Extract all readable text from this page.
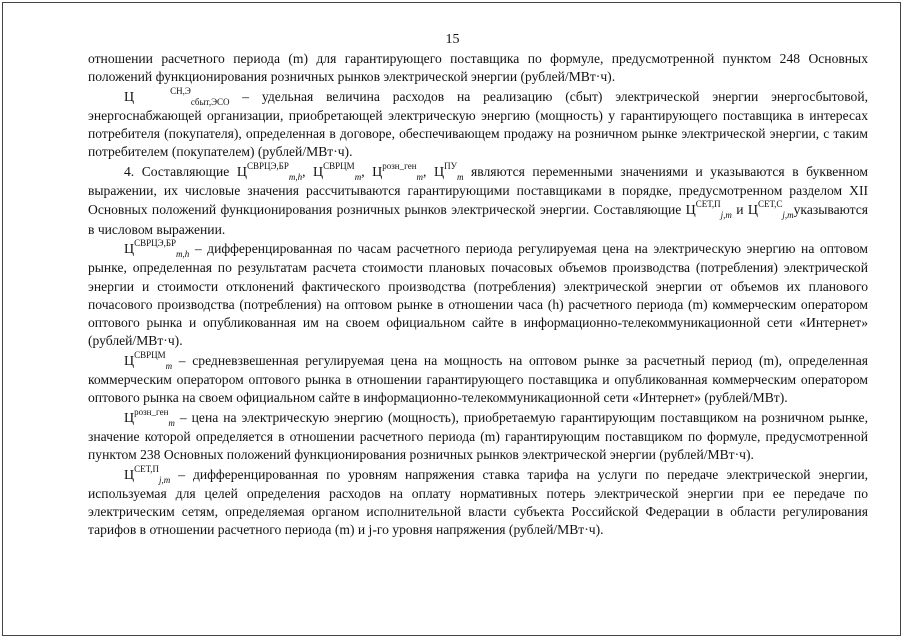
15

отношении расчетного периода (m) для гарантирующего поставщика по формуле, предусмотренной пунктом 248 Основных положений функционирования розничных рынков электрической энергии (рублей/МВт·ч).

Ц	$^{СН,Э}_{сбыт,ЭСО}$ – удельная величина расходов на реализацию (сбыт) электрической энергии энергосбытовой, энергоснабжающей организации, приобретающей электрическую энергию (мощность) у гарантирующего поставщика в интересах потребителя (покупателя), определенная в договоре, обеспечивающем продажу на розничном рынке электрической энергии, с таким потребителем (покупателем) (рублей/МВт·ч).

4. Составляющие $Ц^{СВРЦЭ,БР}_{m,h}$, $Ц^{СВРЦМ}_m$, $Ц^{розн\_ген}_m$, $Ц^{ПУ}_m$ являются переменными значениями и указываются в буквенном выражении, их числовые значения рассчитываются гарантирующими поставщиками в порядке, предусмотренном разделом XII Основных положений функционирования розничных рынков электрической энергии. Составляющие $Ц^{СЕТ,П}_{j,m}$ и $Ц^{СЕТ,С}_{j,m}указываются$ в числовом выражении.

$Ц^{СВРЦЭ,БР}_{m,h}$ – дифференцированная по часам расчетного периода регулируемая цена на электрическую энергию на оптовом рынке, определенная по результатам расчета стоимости плановых почасовых объемов производства (потребления) электрической энергии и стоимости отклонений фактического производства (потребления) электрической энергии от объемов их планового почасового производства (потребления) на оптовом рынке в отношении часа (h) расчетного периода (m) коммерческим оператором оптового рынка и опубликованная им на своем официальном сайте в информационно-телекоммуникационной сети «Интернет» (рублей/МВт·ч).

$Ц^{СВРЦМ}_m$ – средневзвешенная регулируемая цена на мощность на оптовом рынке за расчетный период (m), определенная коммерческим оператором оптового рынка в отношении гарантирующего поставщика и опубликованная коммерческим оператором оптового рынка на своем официальном сайте в информационно-телекоммуникационной сети «Интернет» (рублей/МВт).

$Ц^{розн\_ген}_m$ – цена на электрическую энергию (мощность), приобретаемую гарантирующим поставщиком на розничном рынке, значение которой определяется в отношении расчетного периода (m) гарантирующим поставщиком по формуле, предусмотренной пунктом 238 Основных положений функционирования розничных рынков электрической энергии (рублей/МВт·ч).

$Ц^{СЕТ,П}_{j,m}$ – дифференцированная по уровням напряжения ставка тарифа на услуги по передаче электрической энергии, используемая для целей определения расходов на оплату нормативных потерь электрической энергии при ее передаче по электрическим сетям, определяемая органом исполнительной власти субъекта Российской Федерации в области регулирования тарифов в отношении расчетного периода (m) и j-го уровня напряжения (рублей/МВт·ч).
